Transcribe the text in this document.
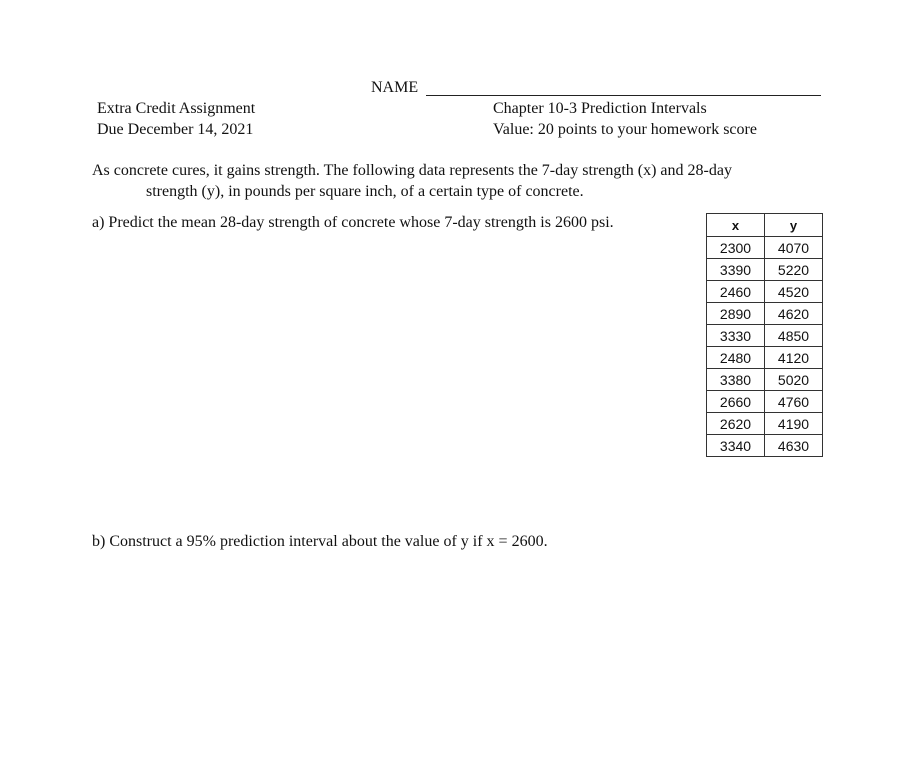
NAME
Extra Credit Assignment
Due December 14, 2021
Chapter 10-3 Prediction Intervals
Value: 20 points to your homework score
As concrete cures, it gains strength. The following data represents the 7-day strength (x) and 28-day
strength (y), in pounds per square inch, of a certain type of concrete.
a) Predict the mean 28-day strength of concrete whose 7-day strength is 2600 psi.	x	y
2300	4070
3390	5220
2460	4520
2890	4620
3330	4850
2480	4120
3380	5020
2660	4760
2620	4190
3340	4630
b) Construct a 95% prediction interval about the value of y if x = 2600.
